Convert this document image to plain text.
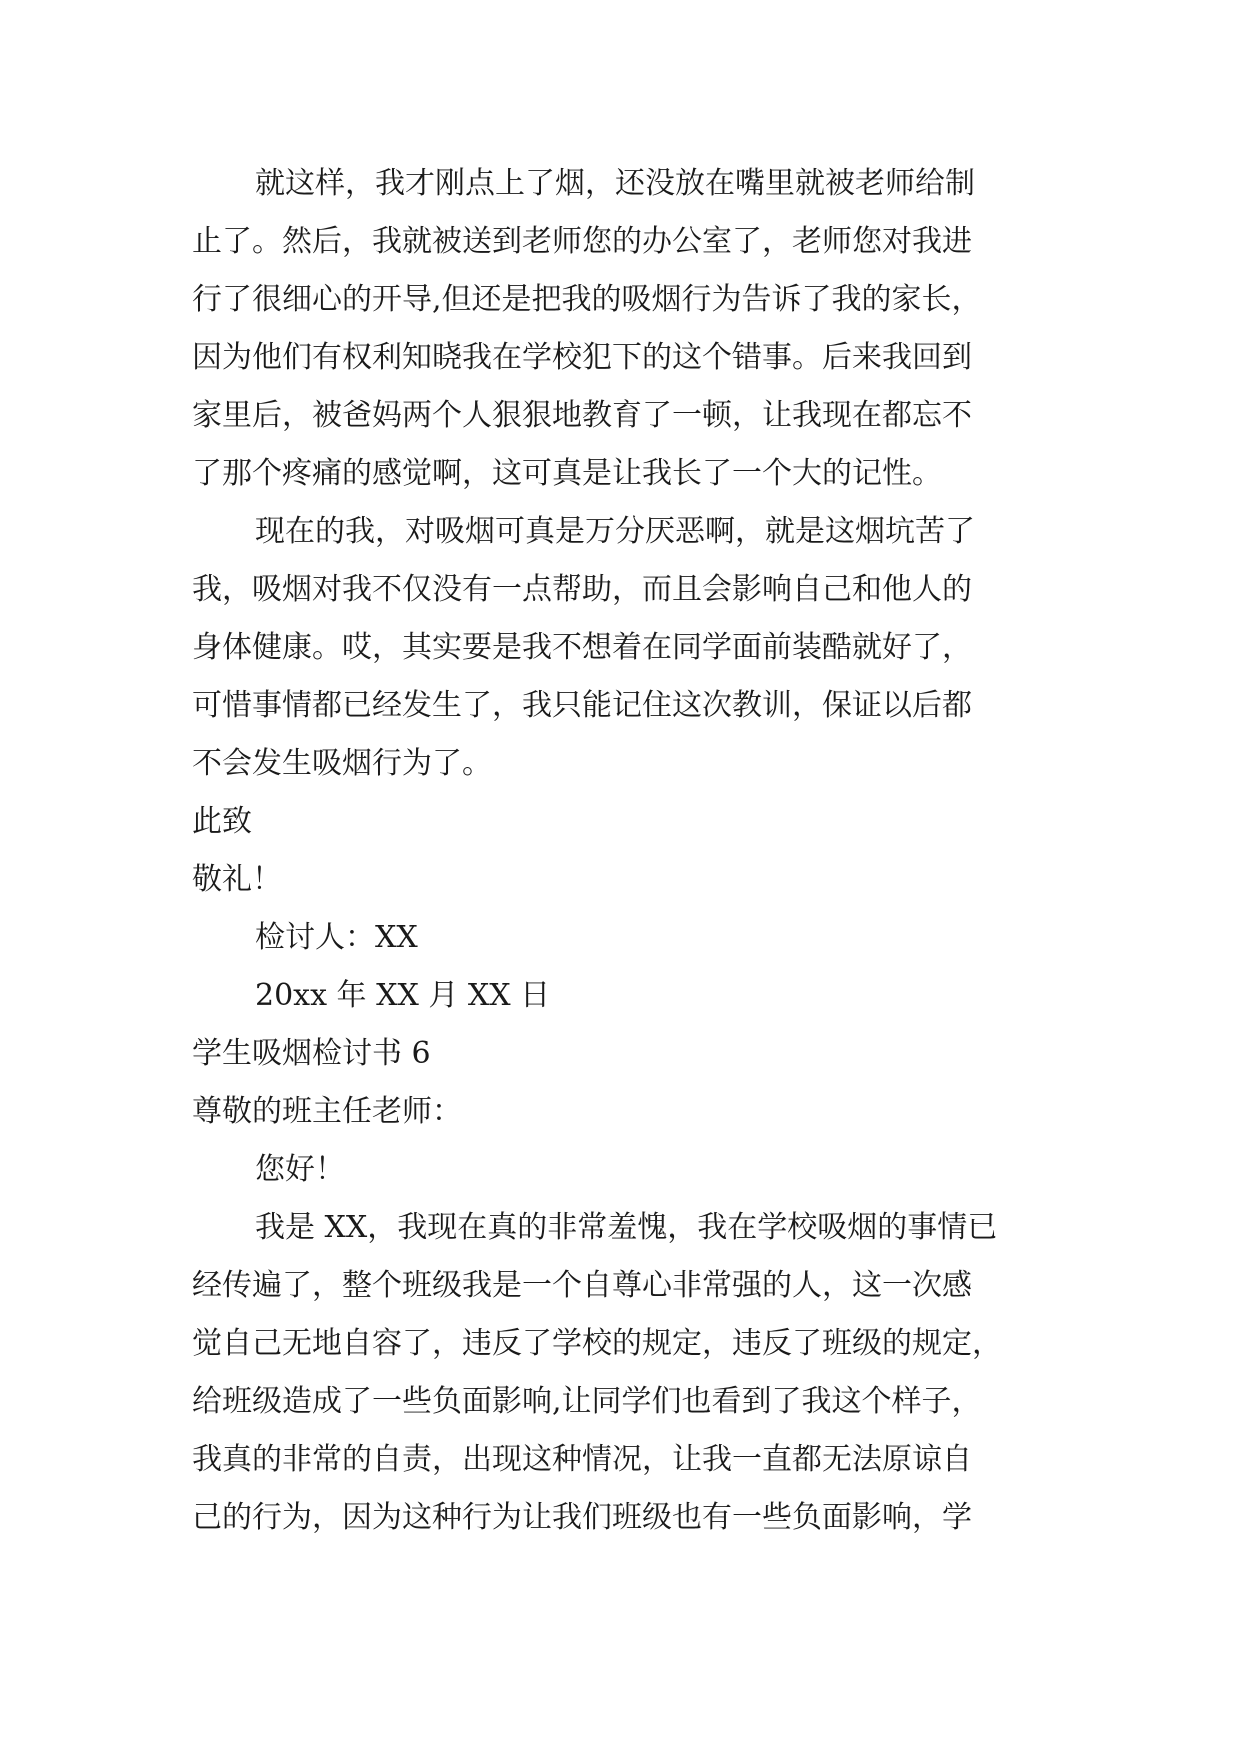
就这样，我才刚点上了烟，还没放在嘴里就被老师给制
止了。然后，我就被送到老师您的办公室了，老师您对我进
行了很细心的开导,但还是把我的吸烟行为告诉了我的家长，
因为他们有权利知晓我在学校犯下的这个错事。后来我回到
家里后，被爸妈两个人狠狠地教育了一顿，让我现在都忘不
了那个疼痛的感觉啊，这可真是让我长了一个大的记性。
现在的我，对吸烟可真是万分厌恶啊，就是这烟坑苦了
我，吸烟对我不仅没有一点帮助，而且会影响自己和他人的
身体健康。哎，其实要是我不想着在同学面前装酷就好了，
可惜事情都已经发生了，我只能记住这次教训，保证以后都
不会发生吸烟行为了。
此致
敬礼！
检讨人：XX
20xx 年 XX 月 XX 日
学生吸烟检讨书 6
尊敬的班主任老师：
您好！
我是 XX，我现在真的非常羞愧，我在学校吸烟的事情已
经传遍了，整个班级我是一个自尊心非常强的人，这一次感
觉自己无地自容了，违反了学校的规定，违反了班级的规定，
给班级造成了一些负面影响,让同学们也看到了我这个样子，
我真的非常的自责，出现这种情况，让我一直都无法原谅自
己的行为，因为这种行为让我们班级也有一些负面影响，学
